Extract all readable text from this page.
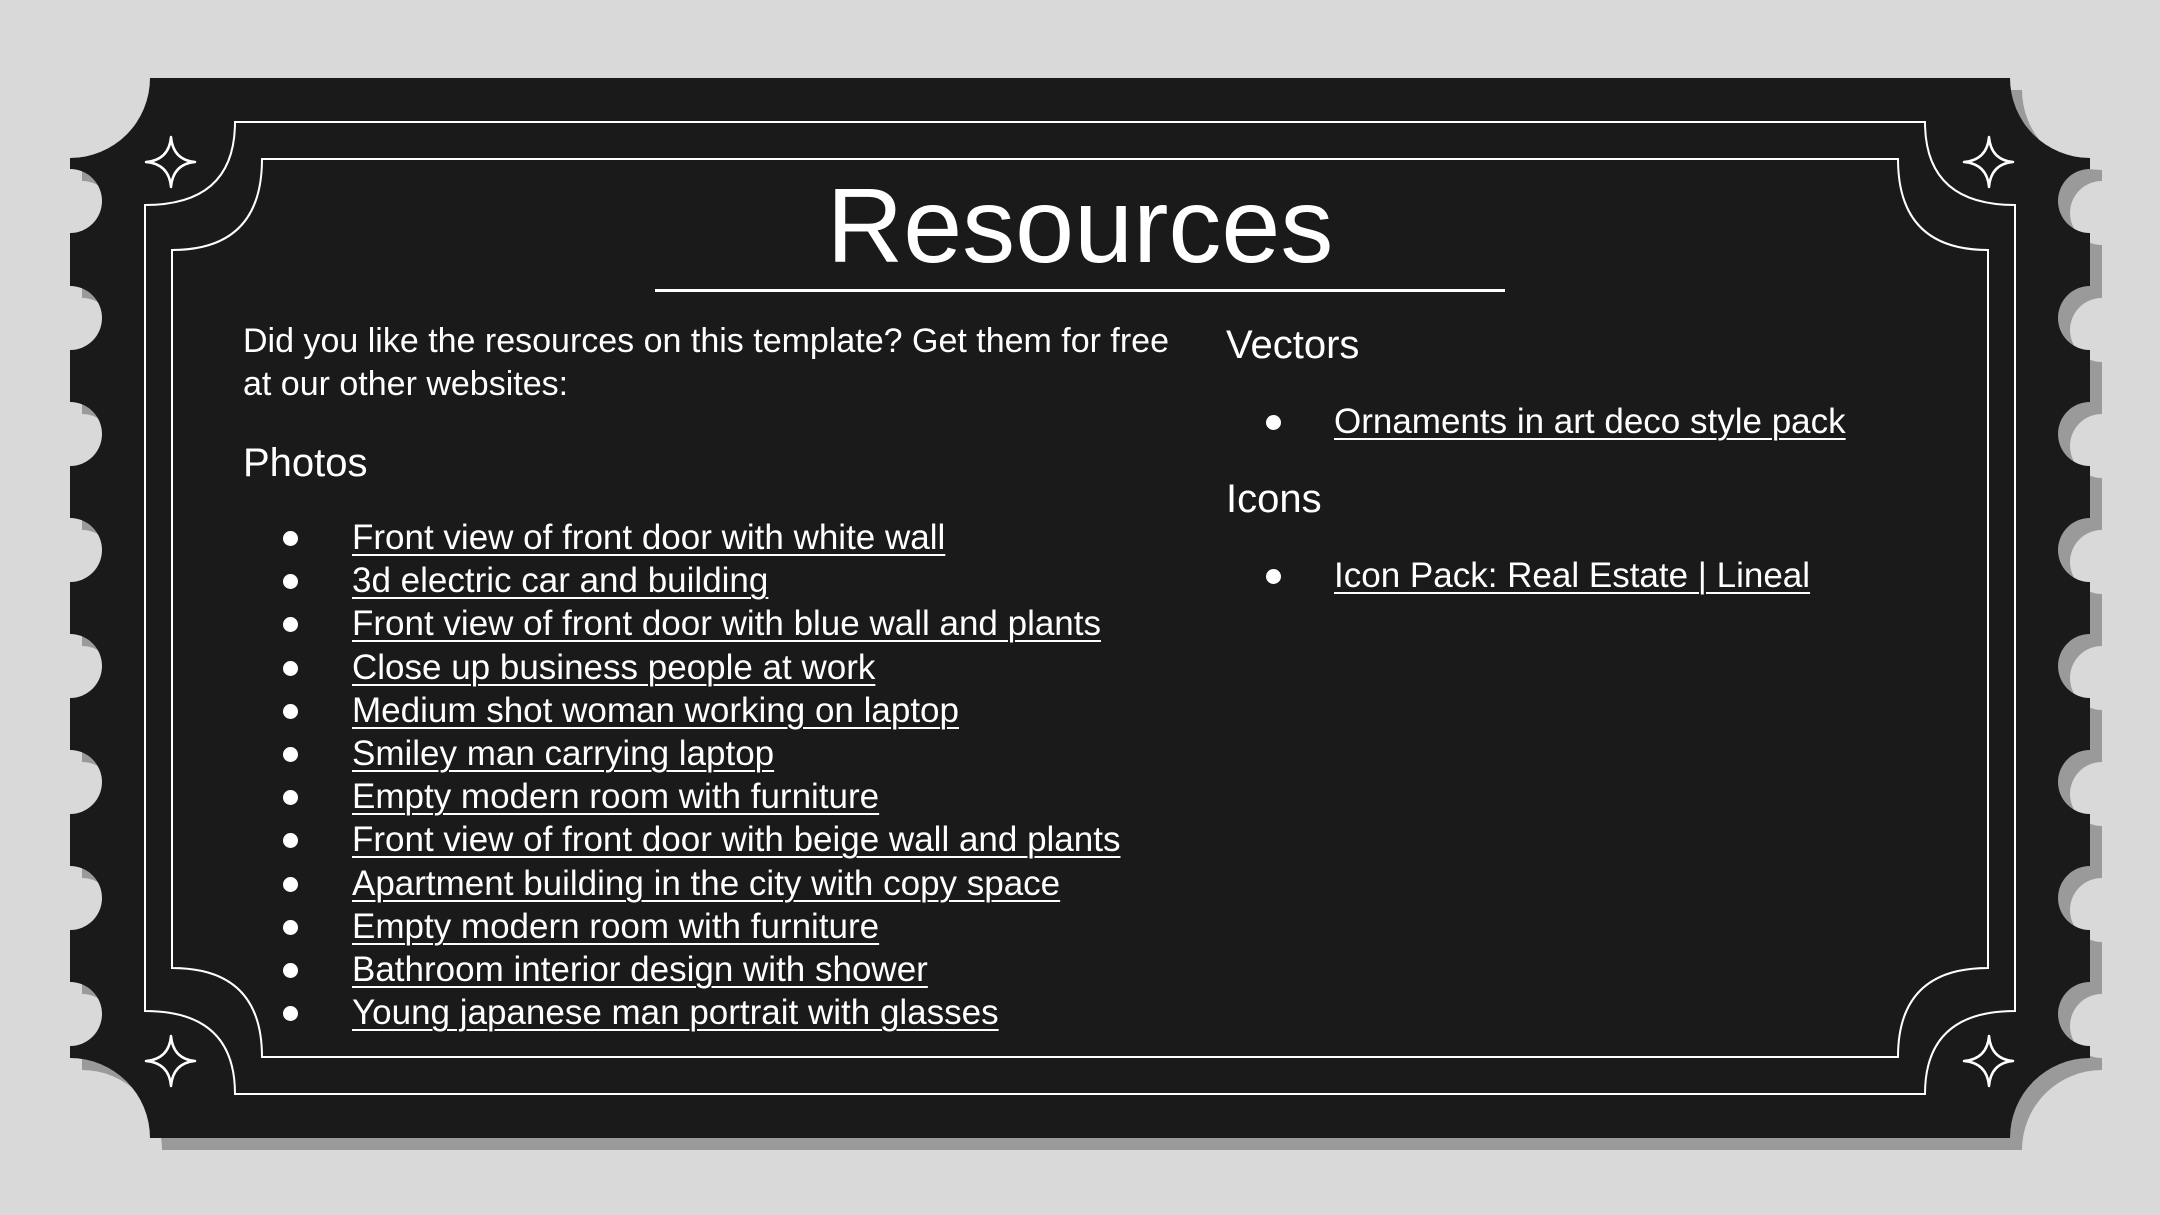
Resources

Did you like the resources on this template? Get them for free at our other websites:

Photos
Front view of front door with white wall
3d electric car and building
Front view of front door with blue wall and plants
Close up business people at work
Medium shot woman working on laptop
Smiley man carrying laptop
Empty modern room with furniture
Front view of front door with beige wall and plants
Apartment building in the city with copy space
Empty modern room with furniture
Bathroom interior design with shower
Young japanese man portrait with glasses
Vectors
Ornaments in art deco style pack
Icons
Icon Pack: Real Estate | Lineal
